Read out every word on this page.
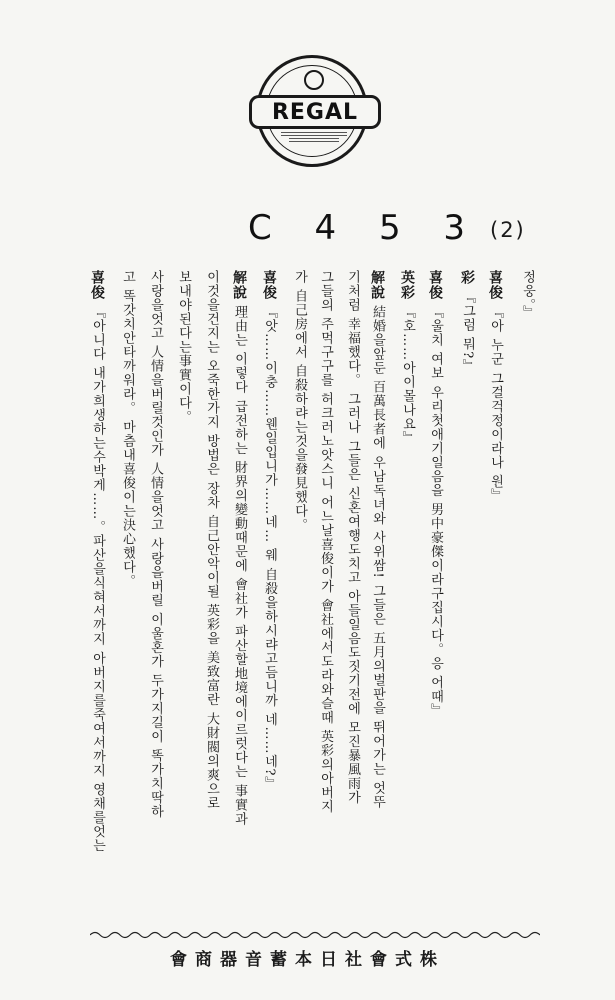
REGAL
C 4 5 3 (2)
정웅。』
喜俊 『아 누군 그걸걱정이라나 원』
彩 『그럼 뭐?』
喜俊 『울치 여보 우리첫애기일음을 男中豪傑이라구집시다。응 어때』
英彩 『호……아이몰나요』
解說 結婚을앞둔 百萬長者에 우남독녀와 사위쌈! 그들은 五月의벌판을 뛰어가는 엇뚜
기처럼 幸福했다。 그러나 그들은 신혼여행도치고 아들일음도짓기전에 모진暴風雨가
그들의 주먹구구를 허크러노앗스니 어느날喜俊이가 會社에서도라와슬때 英彩의아버지
가 自己房에서 自殺하랴는것을發見했다。
喜俊 『앗……이충……웬일입니가……네… 웨 自殺을하시랴고듬니까 네……네?』
解說 理由는 이렇다 급전하는 財界의變動때문에 會社가 파산할地境에이르럿다는 事實과
이것을건지는 오죽한가지 방법은 장차 自己안악이될 英彩을 美致富란 大財閥의爽으로
보내야된다는事實이다。
사랑을엇고 人情을버릴것인가 人情을엇고 사랑을버릴 이울혼가 두가지길이 똑가치딱하
고 똑갓치안타까워라。 마츰내喜俊이는決心했다。
喜俊 『아니다 내가희생하는수박게……。파산을식혀서까지 아버지를죽여서까지 영채를엇는
株式會社日本蓄音器商會
